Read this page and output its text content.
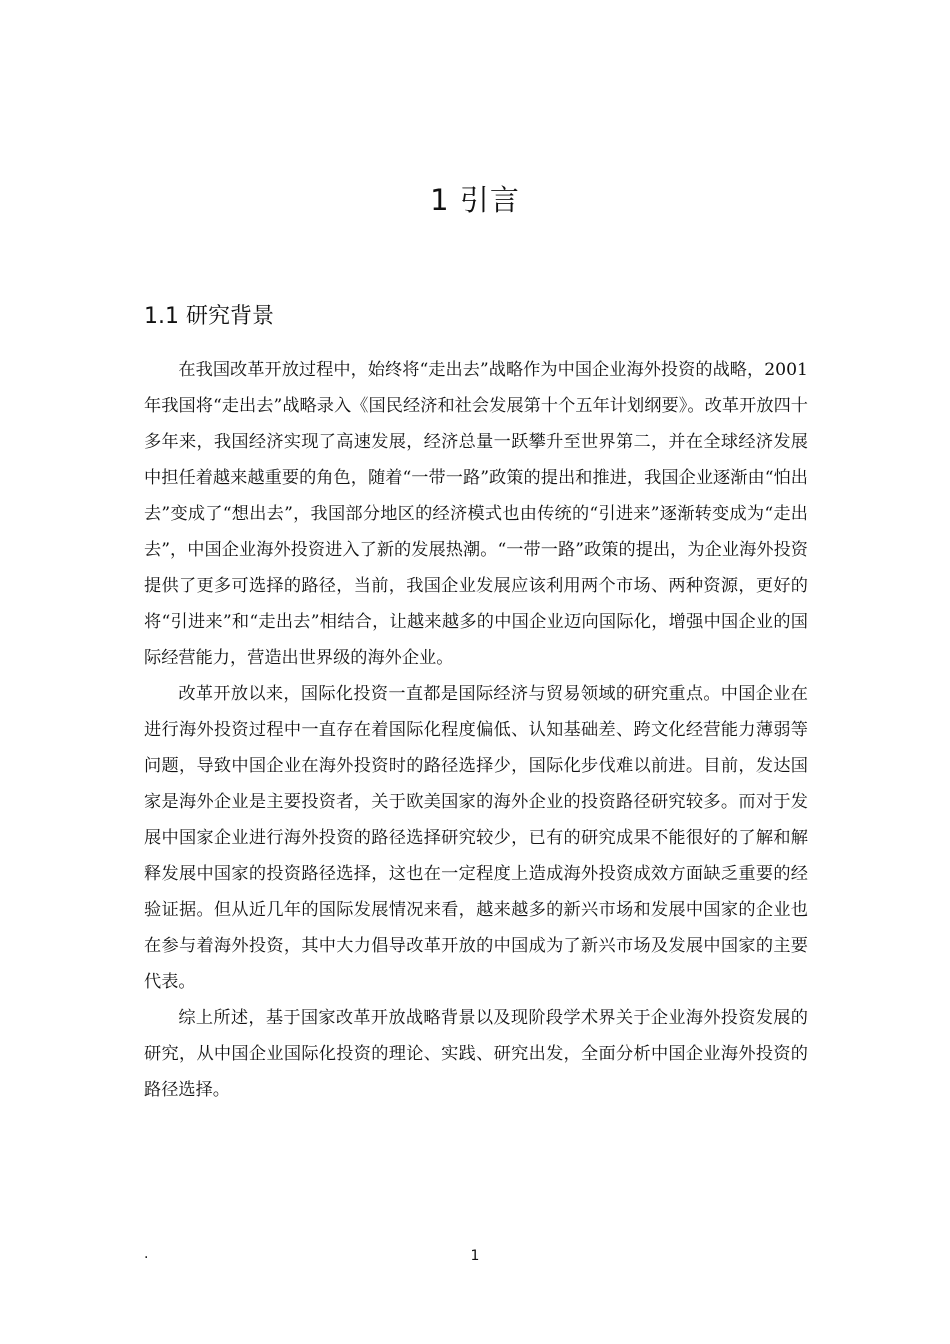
1 引言
1.1 研究背景

在我国改革开放过程中，始终将“走出去”战略作为中国企业海外投资的战略，2001 年我国将“走出去”战略录入《国民经济和社会发展第十个五年计划纲要》。改革开放四十多年来，我国经济实现了高速发展，经济总量一跃攀升至世界第二，并在全球经济发展中担任着越来越重要的角色，随着“一带一路”政策的提出和推进，我国企业逐渐由“怕出去”变成了“想出去”，我国部分地区的经济模式也由传统的“引进来”逐渐转变成为“走出去”，中国企业海外投资进入了新的发展热潮。“一带一路”政策的提出，为企业海外投资提供了更多可选择的路径，当前，我国企业发展应该利用两个市场、两种资源，更好的将“引进来”和“走出去”相结合，让越来越多的中国企业迈向国际化，增强中国企业的国际经营能力，营造出世界级的海外企业。

改革开放以来，国际化投资一直都是国际经济与贸易领域的研究重点。中国企业在进行海外投资过程中一直存在着国际化程度偏低、认知基础差、跨文化经营能力薄弱等问题，导致中国企业在海外投资时的路径选择少，国际化步伐难以前进。目前，发达国家是海外企业是主要投资者，关于欧美国家的海外企业的投资路径研究较多。而对于发展中国家企业进行海外投资的路径选择研究较少，已有的研究成果不能很好的了解和解释发展中国家的投资路径选择，这也在一定程度上造成海外投资成效方面缺乏重要的经验证据。但从近几年的国际发展情况来看，越来越多的新兴市场和发展中国家的企业也在参与着海外投资，其中大力倡导改革开放的中国成为了新兴市场及发展中国家的主要代表。

综上所述，基于国家改革开放战略背景以及现阶段学术界关于企业海外投资发展的研究，从中国企业国际化投资的理论、实践、研究出发，全面分析中国企业海外投资的路径选择。

.	1
